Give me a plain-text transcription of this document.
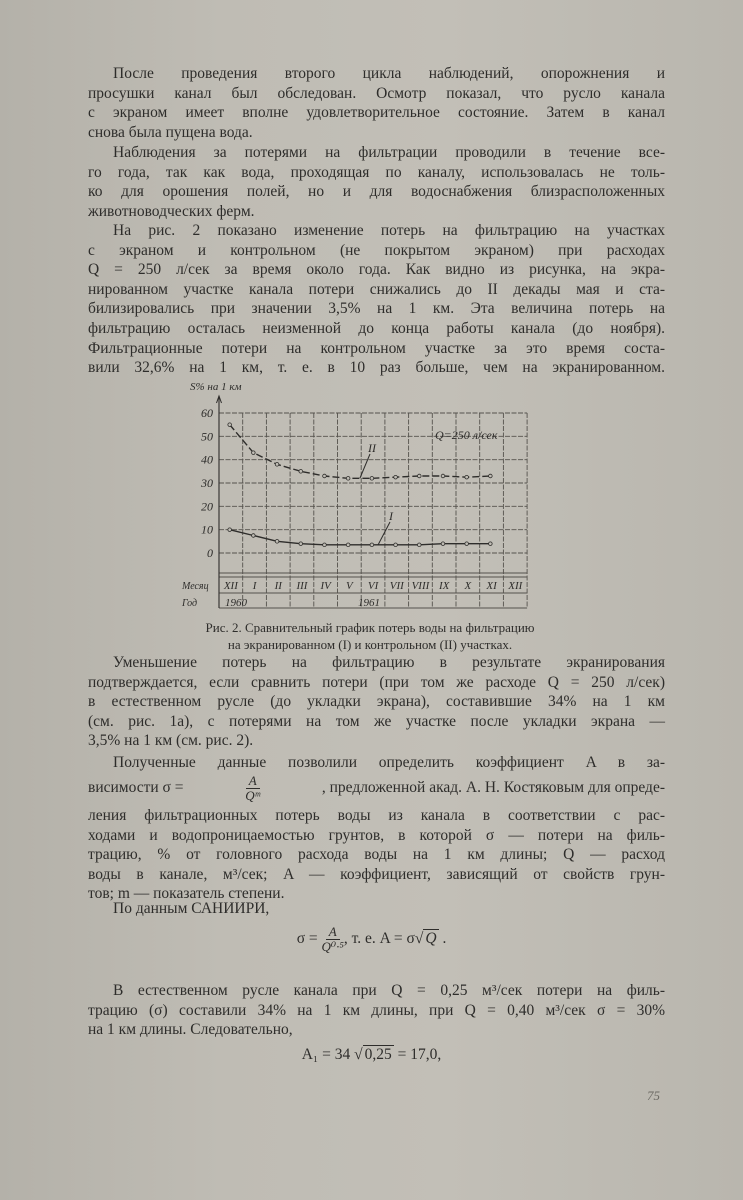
После проведения второго цикла наблюдений, опорожнения и
просушки канал был обследован. Осмотр показал, что русло канала
с экраном имеет вполне удовлетворительное состояние. Затем в канал
снова была пущена вода.
Наблюдения за потерями на фильтрации проводили в течение все-
го года, так как вода, проходящая по каналу, использовалась не толь-
ко для орошения полей, но и для водоснабжения близрасположенных
животноводческих ферм.
На рис. 2 показано изменение потерь на фильтрацию на участках
с экраном и контрольном (не покрытом экраном) при расходах
Q = 250 л/сек за время около года. Как видно из рисунка, на экра-
нированном участке канала потери снижались до II декады мая и ста-
билизировались при значении 3,5% на 1 км. Эта величина потерь на
фильтрацию осталась неизменной до конца работы канала (до ноября).
Фильтрационные потери на контрольном участке за это время соста-
вили 32,6% на 1 км, т. е. в 10 раз больше, чем на экранированном.
S% на 1 км
60
50
40
30
20
10
0
Q=250 л/сек
Месяц
Год
XII I II III IV V VI VII VIII IX X XI XII
1960	1961
II
I
Рис. 2. Сравнительный график потерь воды на фильтрацию
на экранированном (I) и контрольном (II) участках.
Уменьшение потерь на фильтрацию в результате экранирования
подтверждается, если сравнить потери (при том же расходе Q = 250 л/сек)
в естественном русле (до укладки экрана), составившие 34% на 1 км
(см. рис. 1а), с потерями на том же участке после укладки экрана —
3,5% на 1 км (см. рис. 2).
Полученные данные позволили определить коэффициент A в за-
висимости σ =	$\frac{A}{\text{Qᵐ}}$	, предложенной акад. А. Н. Костяковым для опреде-
ления фильтрационных потерь воды из канала в соответствии с рас-
ходами и водопроницаемостью грунтов, в которой σ — потери на филь-
трацию, % от головного расхода воды на 1 км длины; Q — расход
воды в канале, м³/сек; A — коэффициент, зависящий от свойств грун-
тов; m — показатель степени.
По данным САНИИРИ,
$\sigma = \frac{A}{\text{Q⁰·⁵}}$ , т. е. A = σ√ Q .
В естественном русле канала при Q = 0,25 м³/сек потери на филь-
трацию (σ) составили 34% на 1 км длины, при Q = 0,40 м³/сек σ = 30%
на 1 км длины. Следовательно,
A₁ = 34 √ 0,25 = 17,0,
75
